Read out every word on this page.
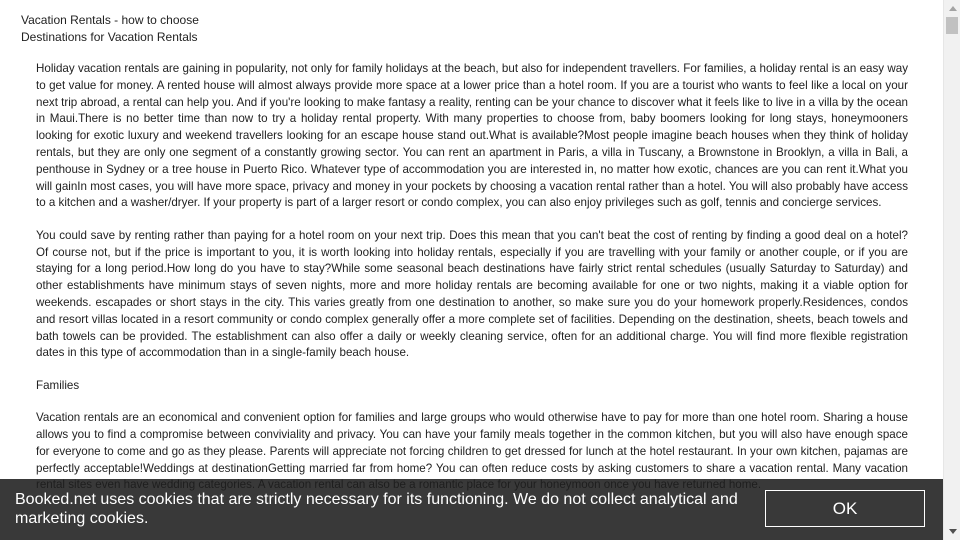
Vacation Rentals - how to choose
Destinations for Vacation Rentals

Holiday vacation rentals are gaining in popularity, not only for family holidays at the beach, but also for independent travellers. For families, a holiday rental is an easy way to get value for money. A rented house will almost always provide more space at a lower price than a hotel room. If you are a tourist who wants to feel like a local on your next trip abroad, a rental can help you. And if you're looking to make fantasy a reality, renting can be your chance to discover what it feels like to live in a villa by the ocean in Maui.There is no better time than now to try a holiday rental property. With many properties to choose from, baby boomers looking for long stays, honeymooners looking for exotic luxury and weekend travellers looking for an escape house stand out.What is available?Most people imagine beach houses when they think of holiday rentals, but they are only one segment of a constantly growing sector. You can rent an apartment in Paris, a villa in Tuscany, a Brownstone in Brooklyn, a villa in Bali, a penthouse in Sydney or a tree house in Puerto Rico. Whatever type of accommodation you are interested in, no matter how exotic, chances are you can rent it.What you will gainIn most cases, you will have more space, privacy and money in your pockets by choosing a vacation rental rather than a hotel. You will also probably have access to a kitchen and a washer/dryer. If your property is part of a larger resort or condo complex, you can also enjoy privileges such as golf, tennis and concierge services.

You could save by renting rather than paying for a hotel room on your next trip. Does this mean that you can't beat the cost of renting by finding a good deal on a hotel? Of course not, but if the price is important to you, it is worth looking into holiday rentals, especially if you are travelling with your family or another couple, or if you are staying for a long period.How long do you have to stay?While some seasonal beach destinations have fairly strict rental schedules (usually Saturday to Saturday) and other establishments have minimum stays of seven nights, more and more holiday rentals are becoming available for one or two nights, making it a viable option for weekends. escapades or short stays in the city. This varies greatly from one destination to another, so make sure you do your homework properly.Residences, condos and resort villas located in a resort community or condo complex generally offer a more complete set of facilities. Depending on the destination, sheets, beach towels and bath towels can be provided. The establishment can also offer a daily or weekly cleaning service, often for an additional charge. You will find more flexible registration dates in this type of accommodation than in a single-family beach house.

Families

Vacation rentals are an economical and convenient option for families and large groups who would otherwise have to pay for more than one hotel room. Sharing a house allows you to find a compromise between conviviality and privacy. You can have your family meals together in the common kitchen, but you will also have enough space for everyone to come and go as they please. Parents will appreciate not forcing children to get dressed for lunch at the hotel restaurant. In your own kitchen, pajamas are perfectly acceptable!Weddings at destinationGetting married far from home? You can often reduce costs by asking customers to share a vacation rental. Many vacation

Booked.net uses cookies that are strictly necessary for its functioning. We do not collect analytical and marketing cookies.
OK
